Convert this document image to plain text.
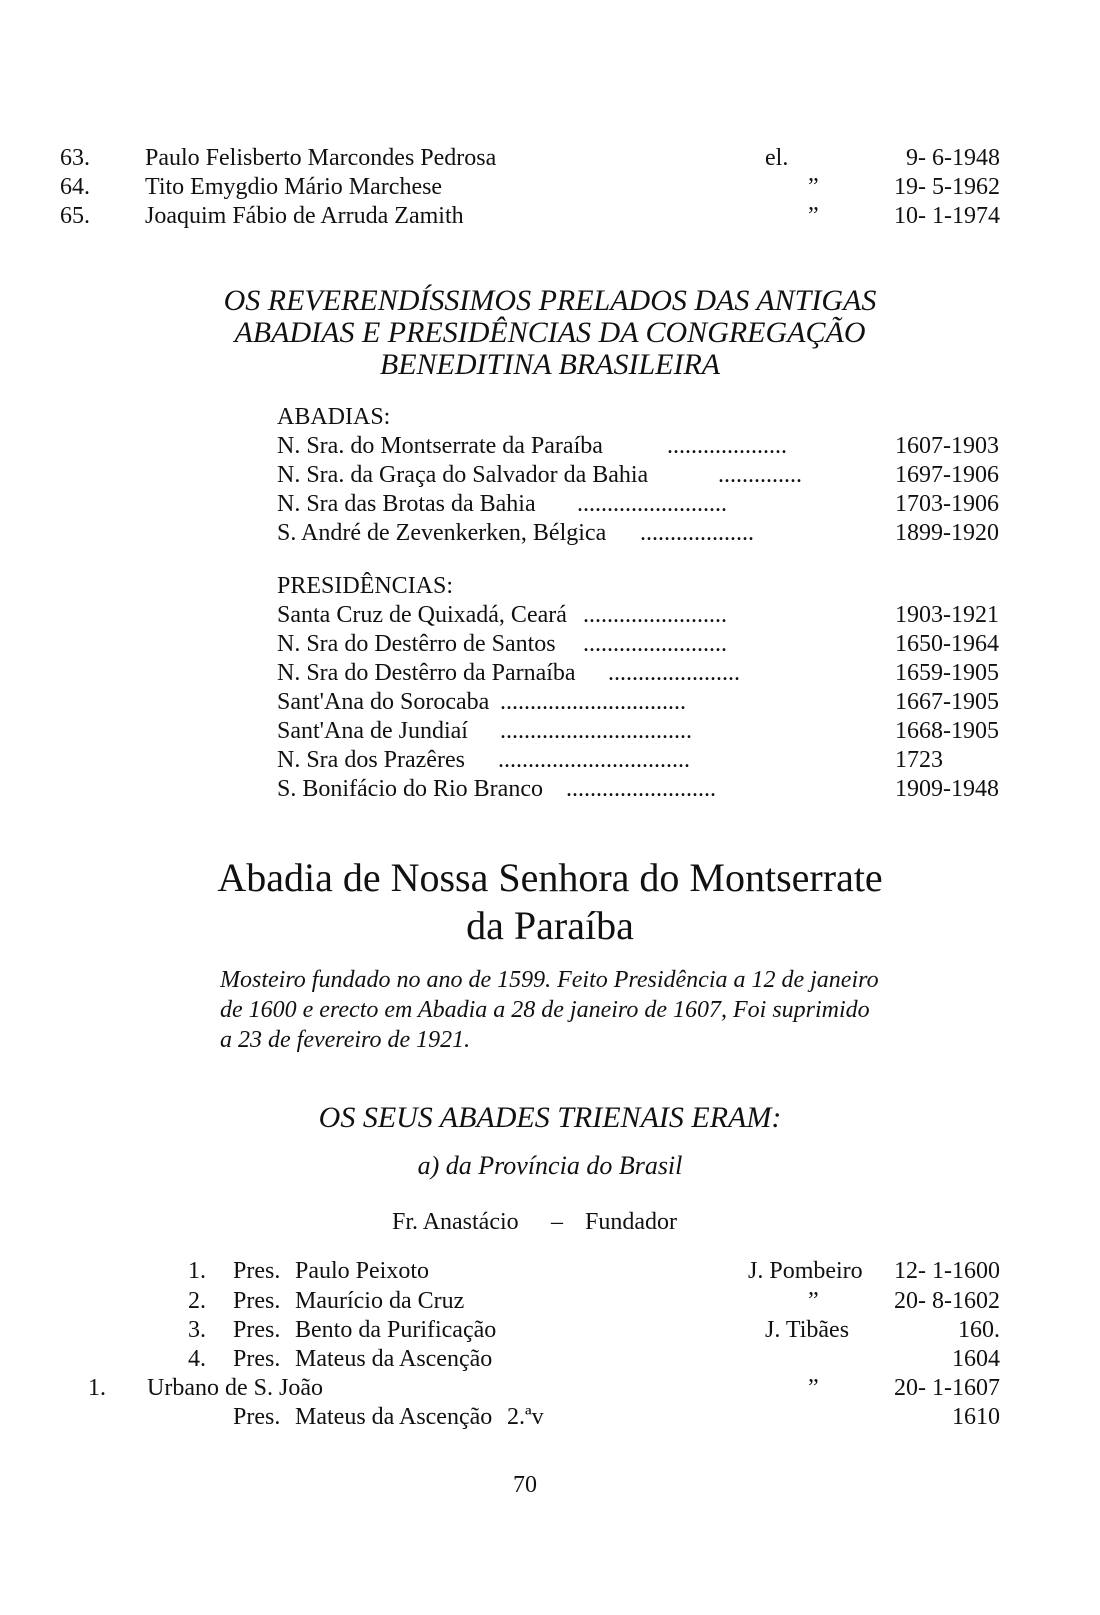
63. Paulo Felisberto Marcondes Pedrosa	el.	9- 6-1948
64. Tito Emygdio Mário Marchese	”	19- 5-1962
65. Joaquim Fábio de Arruda Zamith	”	10- 1-1974
OS REVERENDÍSSIMOS PRELADOS DAS ANTIGAS
ABADIAS E PRESIDÊNCIAS DA CONGREGAÇÃO
BENEDITINA BRASILEIRA
ABADIAS:
N. Sra. do Montserrate da Paraíba	....................	1607-1903
N. Sra. da Graça do Salvador da Bahia	..............	1697-1906
N. Sra das Brotas da Bahia .........................	1703-1906
S. André de Zevenkerken, Bélgica ...................	1899-1920
PRESIDÊNCIAS:
Santa Cruz de Quixadá, Ceará ........................	1903-1921
N. Sra do Destêrro de Santos ........................	1650-1964
N. Sra do Destêrro da Parnaíba ......................	1659-1905
Sant'Ana do Sorocaba ...............................	1667-1905
Sant'Ana de Jundiaí ................................	1668-1905
N. Sra dos Prazêres ................................	1723
S. Bonifácio do Rio Branco .........................	1909-1948
Abadia de Nossa Senhora do Montserrate
da Paraíba
Mosteiro fundado no ano de 1599. Feito Presidência a 12 de janeiro
de 1600 e erecto em Abadia a 28 de janeiro de 1607, Foi suprimido
a 23 de fevereiro de 1921.
OS SEUS ABADES TRIENAIS ERAM:
a) da Província do Brasil
Fr. Anastácio – Fundador
1. Pres. Paulo Peixoto	J. Pombeiro	12- 1-1600
2. Pres. Maurício da Cruz	”	20- 8-1602
3. Pres. Bento da Purificação	J. Tibães	160.
4. Pres. Mateus da Ascenção	1604
1. Urbano de S. João	”	20- 1-1607
Pres. Mateus da Ascenção 2.ªv	1610
70
